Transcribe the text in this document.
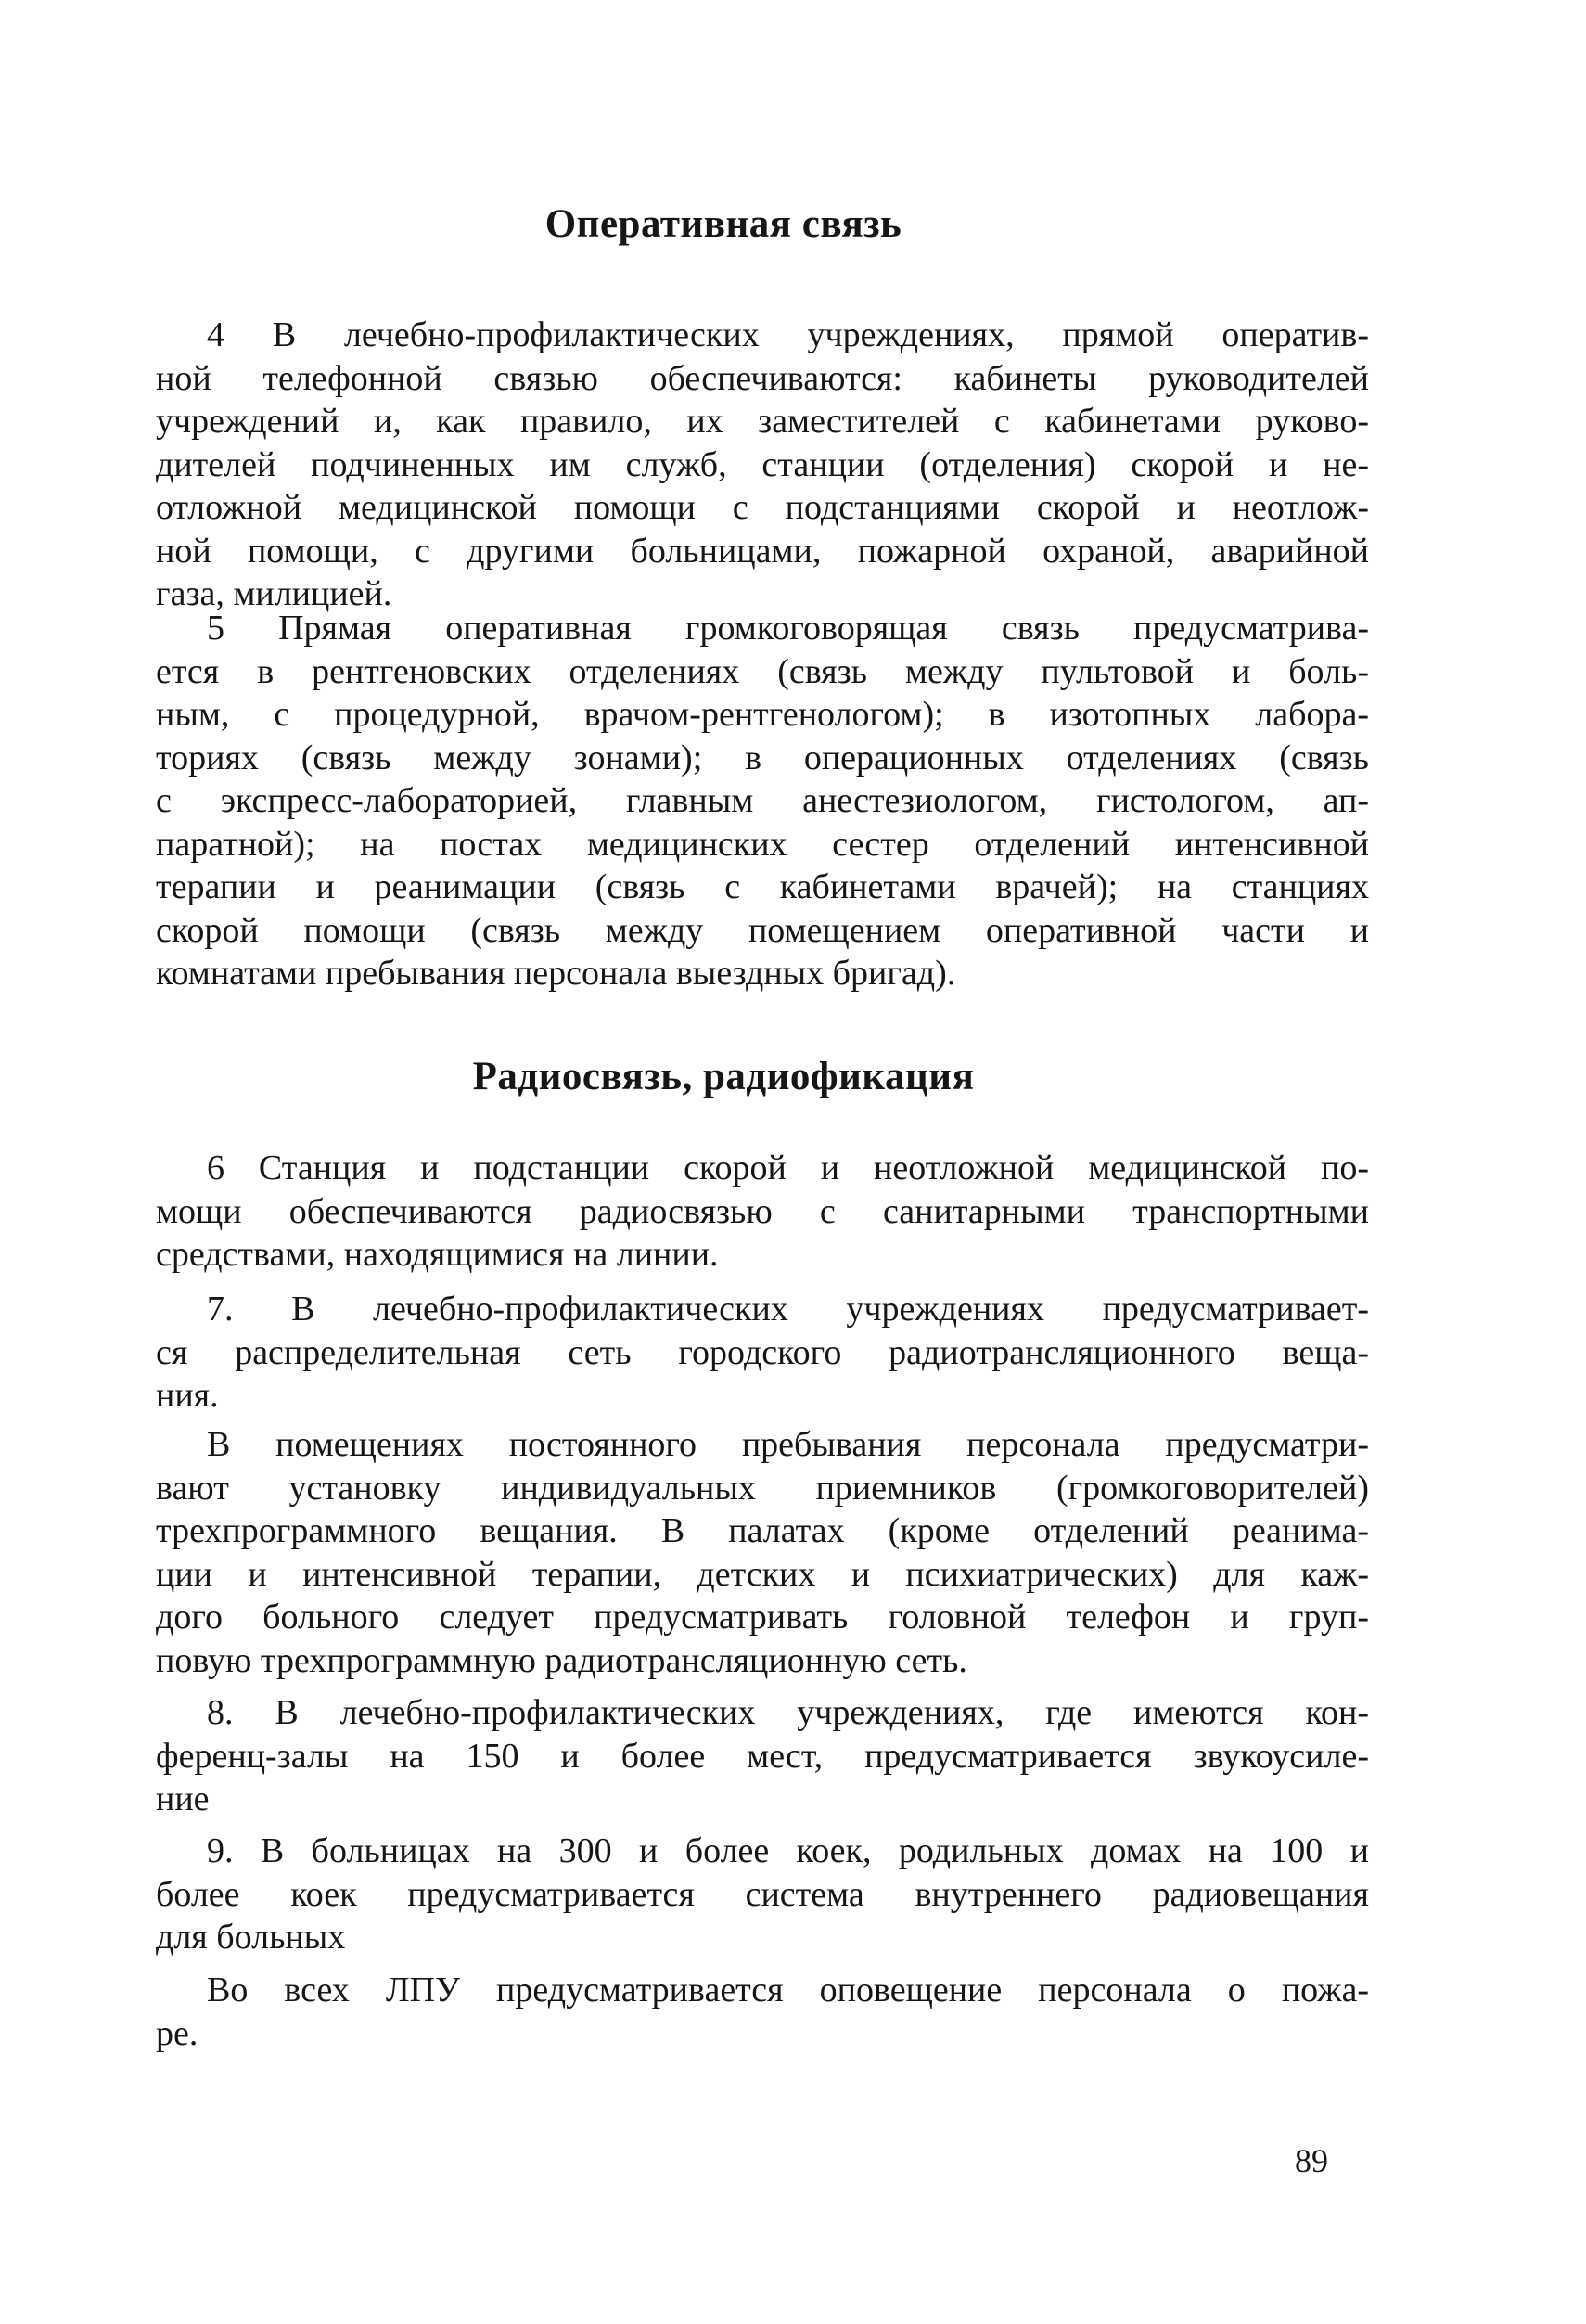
Оперативная связь
4 В лечебно-профилактических учреждениях, прямой оператив-
ной телефонной связью обеспечиваются: кабинеты руководителей
учреждений и, как правило, их заместителей с кабинетами руково-
дителей подчиненных им служб, станции (отделения) скорой и не-
отложной медицинской помощи с подстанциями скорой и неотлож-
ной помощи, с другими больницами, пожарной охраной, аварийной
газа, милицией.
5 Прямая оперативная громкоговорящая связь предусматрива-
ется в рентгеновских отделениях (связь между пультовой и боль-
ным, с процедурной, врачом-рентгенологом); в изотопных лабора-
ториях (связь между зонами); в операционных отделениях (связь
с экспресс-лабораторией, главным анестезиологом, гистологом, ап-
паратной); на постах медицинских сестер отделений интенсивной
терапии и реанимации (связь с кабинетами врачей); на станциях
скорой помощи (связь между помещением оперативной части и
комнатами пребывания персонала выездных бригад).
Радиосвязь, радиофикация
6 Станция и подстанции скорой и неотложной медицинской по-
мощи обеспечиваются радиосвязью с санитарными транспортными
средствами, находящимися на линии.
7. В лечебно-профилактических учреждениях предусматривает-
ся распределительная сеть городского радиотрансляционного веща-
ния.
В помещениях постоянного пребывания персонала предусматри-
вают установку индивидуальных приемников (громкоговорителей)
трехпрограммного вещания. В палатах (кроме отделений реанима-
ции и интенсивной терапии, детских и психиатрических) для каж-
дого больного следует предусматривать головной телефон и груп-
повую трехпрограммную радиотрансляционную сеть.
8. В лечебно-профилактических учреждениях, где имеются кон-
ференц-залы на 150 и более мест, предусматривается звукоусиле-
ние
9. В больницах на 300 и более коек, родильных домах на 100 и
более коек предусматривается система внутреннего радиовещания
для больных
Во всех ЛПУ предусматривается оповещение персонала о пожа-
ре.
89
